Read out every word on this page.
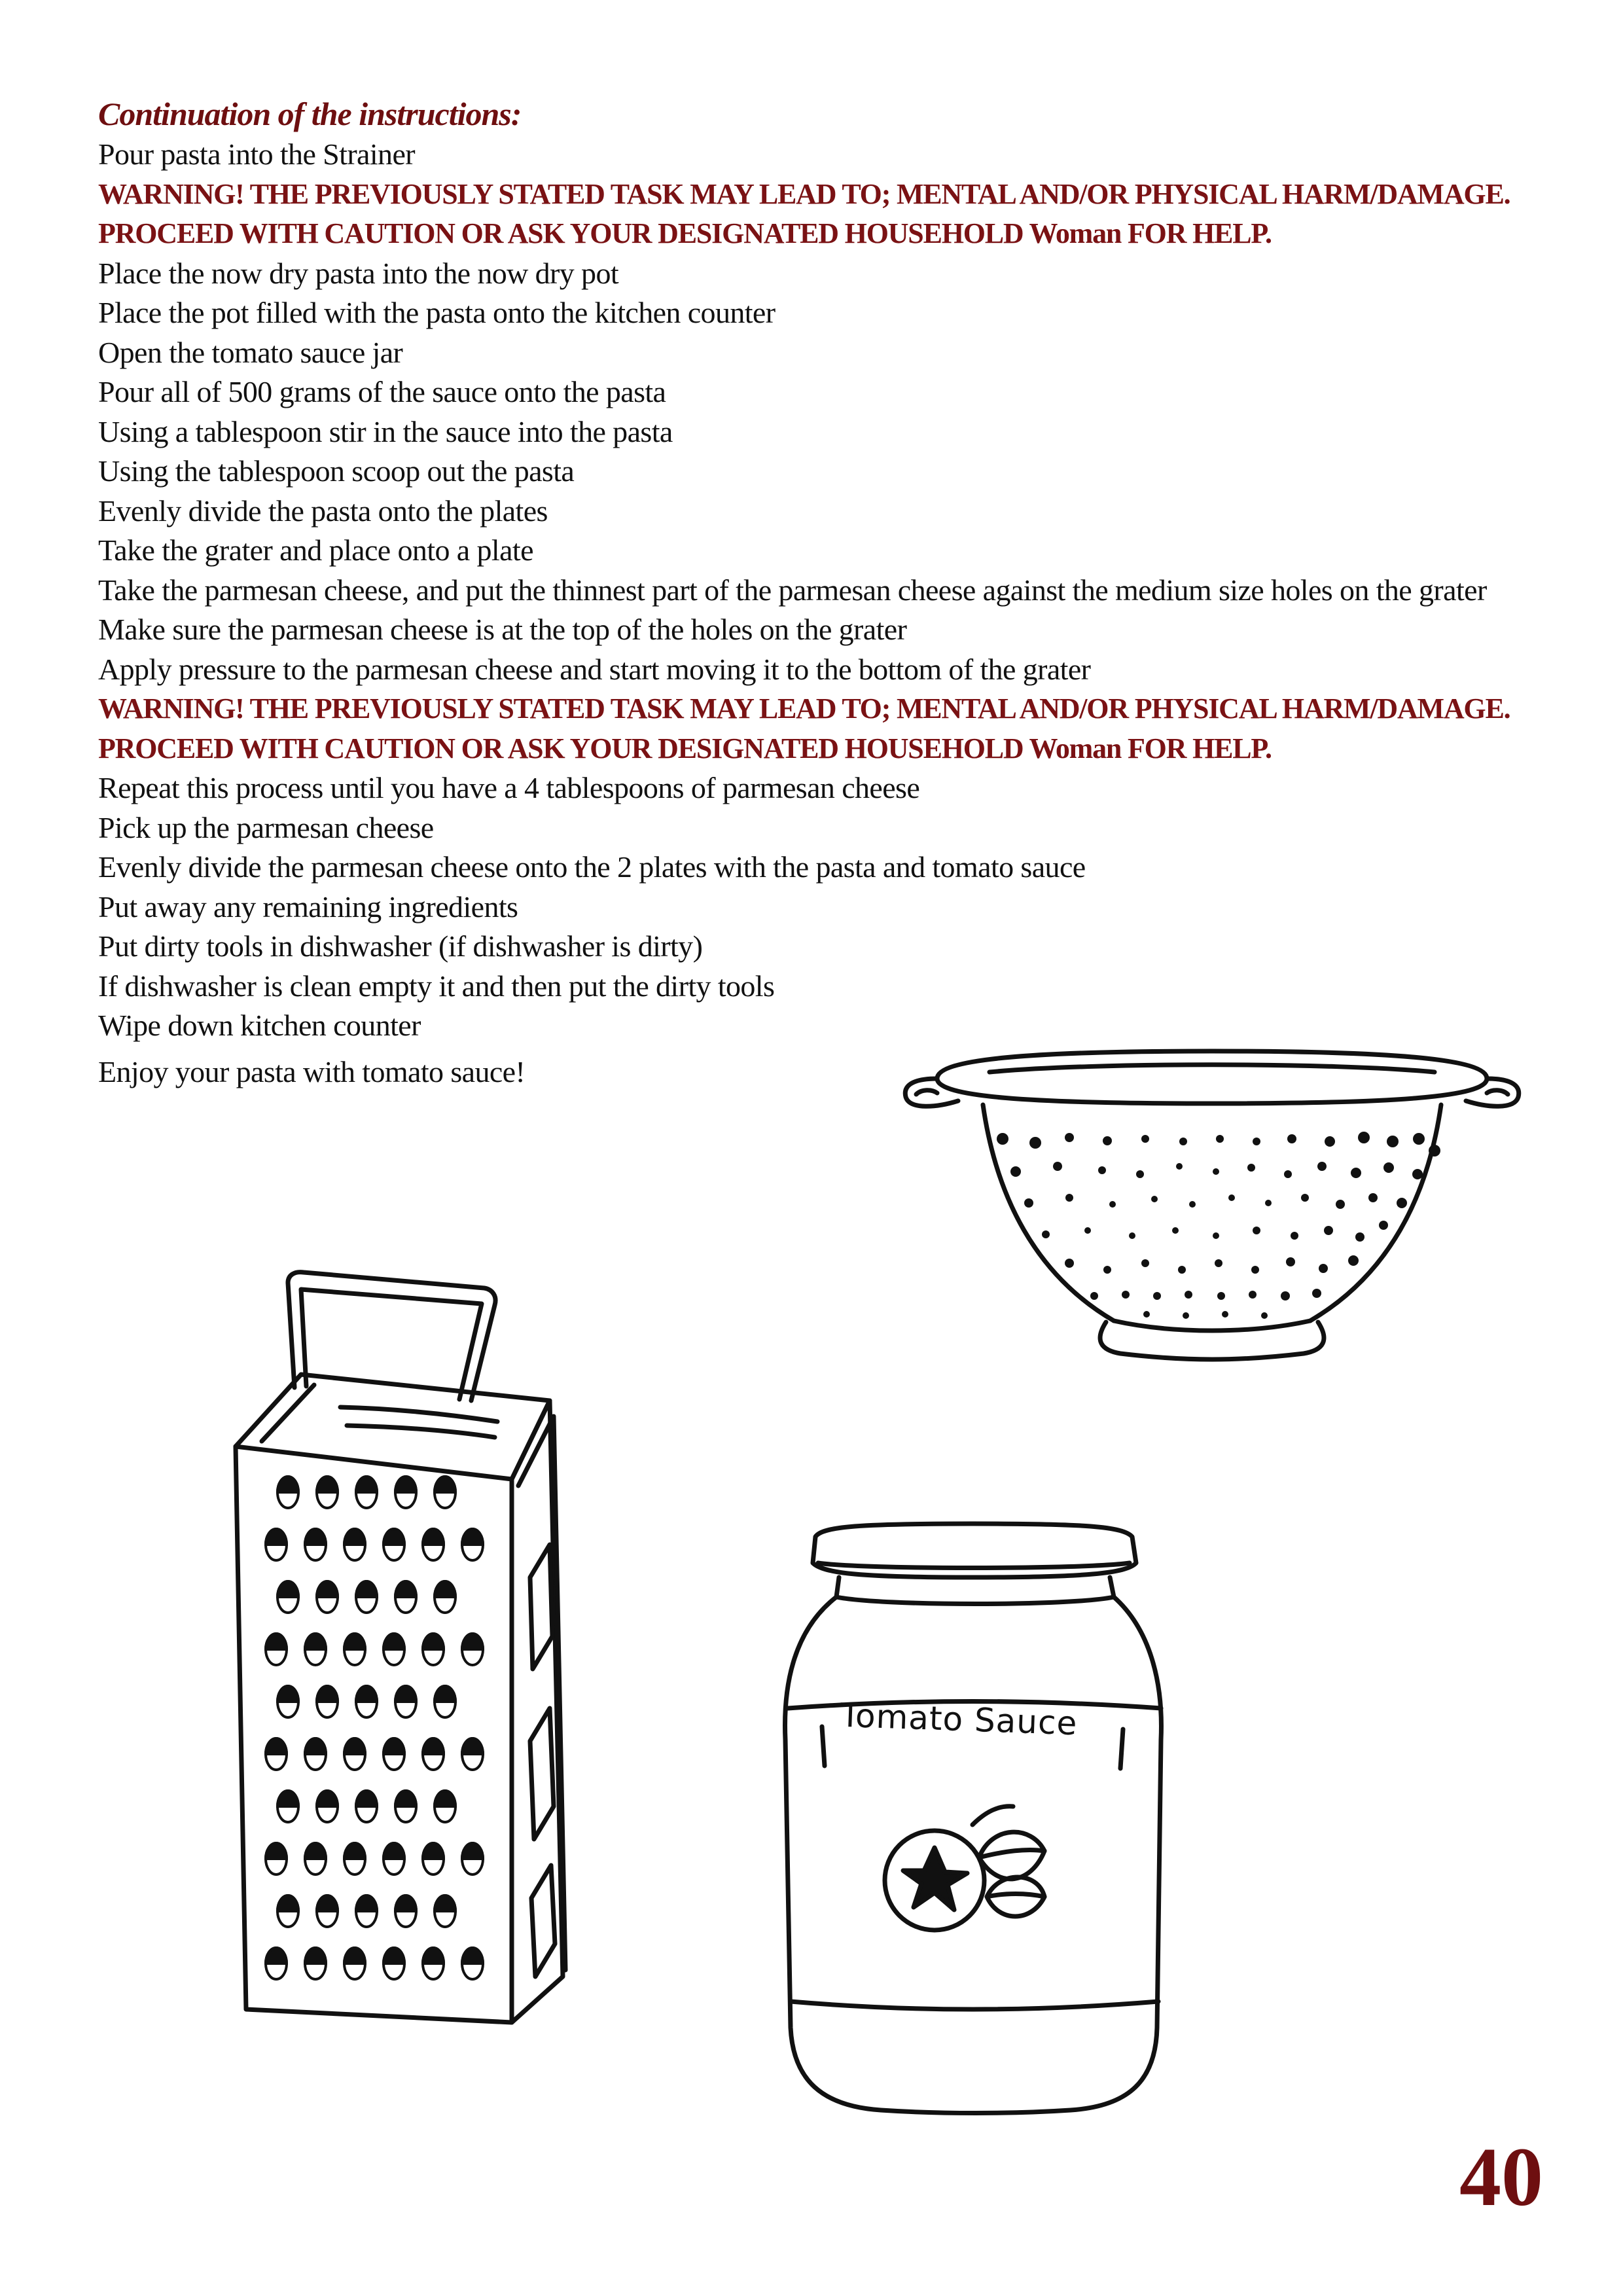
Continuation of the instructions:
Pour pasta into the Strainer
WARNING! THE PREVIOUSLY STATED TASK MAY LEAD TO; MENTAL AND/OR PHYSICAL HARM/DAMAGE. PROCEED WITH CAUTION OR ASK YOUR DESIGNATED HOUSEHOLD Woman FOR HELP.
Place the now dry pasta into the now dry pot
Place the pot filled with the pasta onto the kitchen counter
Open the tomato sauce jar
Pour all of 500 grams of the sauce onto the pasta
Using a tablespoon stir in the sauce into the pasta
Using the tablespoon scoop out the pasta
Evenly divide the pasta onto the plates
Take the grater and place onto a plate
Take the parmesan cheese, and put the thinnest part of the parmesan cheese against the medium size holes on the grater
Make sure the parmesan cheese is at the top of the holes on the grater
Apply pressure to the parmesan cheese and start moving it to the bottom of the grater
WARNING! THE PREVIOUSLY STATED TASK MAY LEAD TO; MENTAL AND/OR PHYSICAL HARM/DAMAGE. PROCEED WITH CAUTION OR ASK YOUR DESIGNATED HOUSEHOLD Woman FOR HELP.
Repeat this process until you have a 4 tablespoons of parmesan cheese
Pick up the parmesan cheese
Evenly divide the parmesan cheese onto the 2 plates with the pasta and tomato sauce
Put away any remaining ingredients
Put dirty tools in dishwasher (if dishwasher is dirty)
If dishwasher is clean empty it and then put the dirty tools
Wipe down kitchen counter
Enjoy your pasta with tomato sauce!
Tomato Sauce
40
